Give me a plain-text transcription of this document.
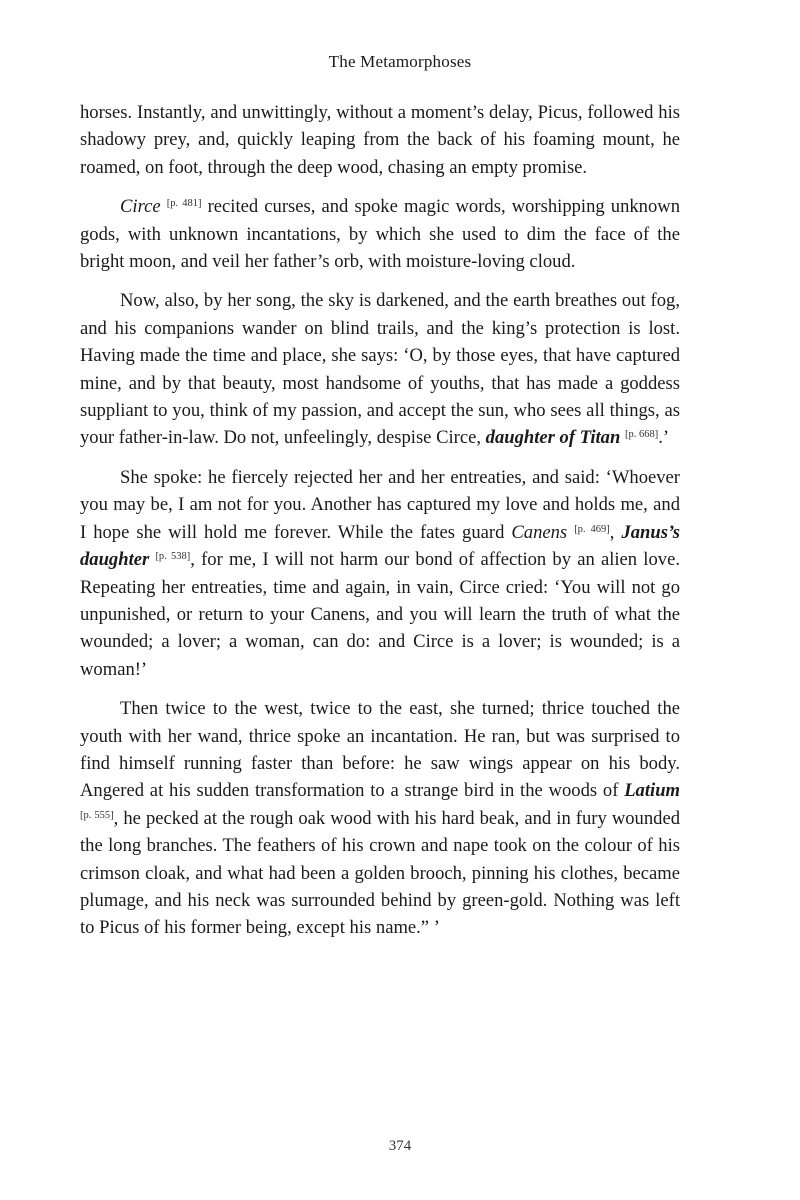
The Metamorphoses

horses. Instantly, and unwittingly, without a moment’s delay, Picus, followed his shadowy prey, and, quickly leaping from the back of his foaming mount, he roamed, on foot, through the deep wood, chasing an empty promise.

Circe [p. 481] recited curses, and spoke magic words, worshipping unknown gods, with unknown incantations, by which she used to dim the face of the bright moon, and veil her father’s orb, with moisture-loving cloud.

Now, also, by her song, the sky is darkened, and the earth breathes out fog, and his companions wander on blind trails, and the king’s protection is lost. Having made the time and place, she says: ‘O, by those eyes, that have captured mine, and by that beauty, most handsome of youths, that has made a goddess suppliant to you, think of my passion, and accept the sun, who sees all things, as your father-in-law. Do not, unfeelingly, despise Circe, daughter of Titan [p. 668].’

She spoke: he fiercely rejected her and her entreaties, and said: ‘Whoever you may be, I am not for you. Another has captured my love and holds me, and I hope she will hold me forever. While the fates guard Canens [p. 469], Janus’s daughter [p. 538], for me, I will not harm our bond of affection by an alien love. Repeating her entreaties, time and again, in vain, Circe cried: ‘You will not go unpunished, or return to your Canens, and you will learn the truth of what the wounded; a lover; a woman, can do: and Circe is a lover; is wounded; is a woman!’

Then twice to the west, twice to the east, she turned; thrice touched the youth with her wand, thrice spoke an incantation. He ran, but was surprised to find himself running faster than before: he saw wings appear on his body. Angered at his sudden transformation to a strange bird in the woods of Latium [p. 555], he pecked at the rough oak wood with his hard beak, and in fury wounded the long branches. The feathers of his crown and nape took on the colour of his crimson cloak, and what had been a golden brooch, pinning his clothes, became plumage, and his neck was surrounded behind by green-gold. Nothing was left to Picus of his former being, except his name.” ’

374
